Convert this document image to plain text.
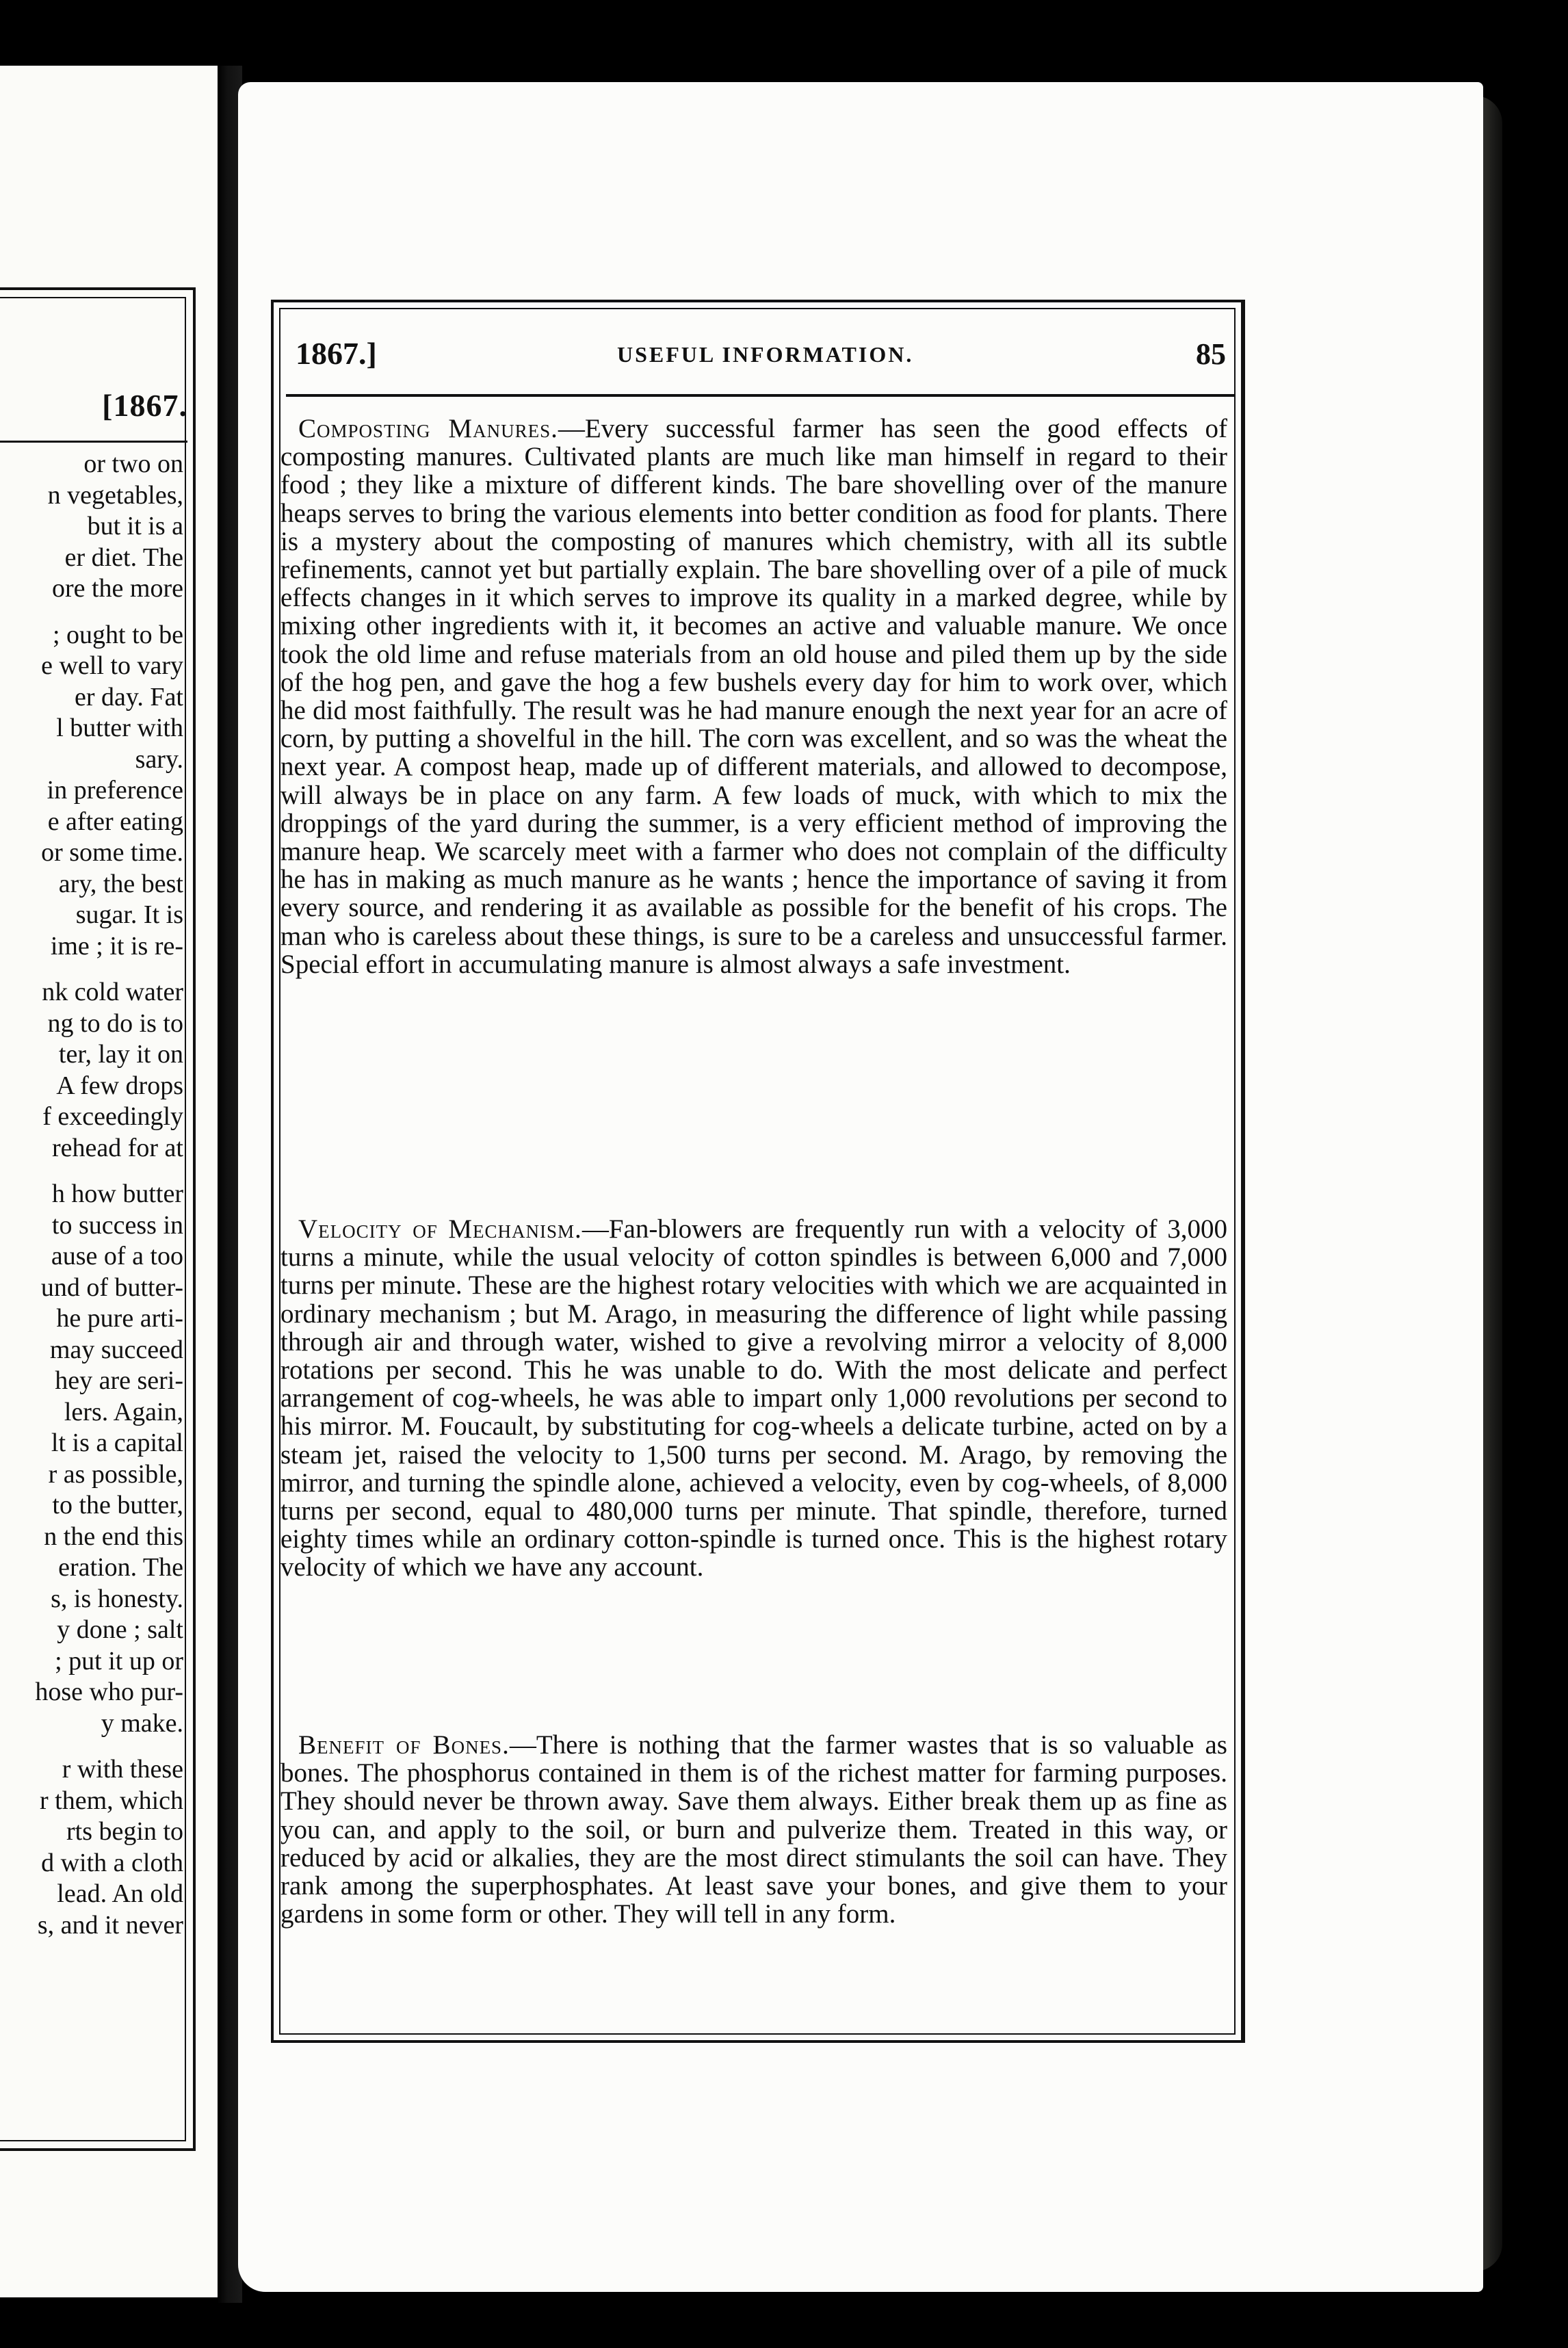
[1867.
or two on
n vegetables,
but it is a
er diet. The
ore the more
; ought to be
e well to vary
er day. Fat
l butter with
sary.
in preference
e after eating
or some time.
ary, the best
sugar. It is
ime ; it is re-
nk cold water
ng to do is to
ter, lay it on
A few drops
f exceedingly
rehead for at
h how butter
to success in
ause of a too
und of butter-
he pure arti-
may succeed
hey are seri-
lers. Again,
lt is a capital
r as possible,
to the butter,
n the end this
eration. The
s, is honesty.
y done ; salt
; put it up or
hose who pur-
y make.
r with these
r them, which
rts begin to
d with a cloth
lead. An old
s, and it never
1867.]	USEFUL INFORMATION.	85

Composting Manures.—Every successful farmer has seen the good effects of composting manures. Cultivated plants are much like man himself in regard to their food ; they like a mixture of different kinds. The bare shovelling over of the manure heaps serves to bring the various elements into better condition as food for plants. There is a mystery about the composting of manures which chemistry, with all its subtle refinements, cannot yet but partially explain. The bare shovelling over of a pile of muck effects changes in it which serves to improve its quality in a marked degree, while by mixing other ingredients with it, it becomes an active and valuable manure. We once took the old lime and refuse materials from an old house and piled them up by the side of the hog pen, and gave the hog a few bushels every day for him to work over, which he did most faithfully. The result was he had manure enough the next year for an acre of corn, by putting a shovelful in the hill. The corn was excellent, and so was the wheat the next year. A compost heap, made up of different materials, and allowed to decompose, will always be in place on any farm. A few loads of muck, with which to mix the droppings of the yard during the summer, is a very efficient method of improving the manure heap. We scarcely meet with a farmer who does not complain of the difficulty he has in making as much manure as he wants ; hence the importance of saving it from every source, and rendering it as available as possible for the benefit of his crops. The man who is careless about these things, is sure to be a careless and unsuccessful farmer. Special effort in accumulating manure is almost always a safe investment.

Velocity of Mechanism.—Fan-blowers are frequently run with a velocity of 3,000 turns a minute, while the usual velocity of cotton spindles is between 6,000 and 7,000 turns per minute. These are the highest rotary velocities with which we are acquainted in ordinary mechanism ; but M. Arago, in measuring the difference of light while passing through air and through water, wished to give a revolving mirror a velocity of 8,000 rotations per second. This he was unable to do. With the most delicate and perfect arrangement of cog-wheels, he was able to impart only 1,000 revolutions per second to his mirror. M. Foucault, by substituting for cog-wheels a delicate turbine, acted on by a steam jet, raised the velocity to 1,500 turns per second. M. Arago, by removing the mirror, and turning the spindle alone, achieved a velocity, even by cog-wheels, of 8,000 turns per second, equal to 480,000 turns per minute. That spindle, therefore, turned eighty times while an ordinary cotton-spindle is turned once. This is the highest rotary velocity of which we have any account.

Benefit of Bones.—There is nothing that the farmer wastes that is so valuable as bones. The phosphorus contained in them is of the richest matter for farming purposes. They should never be thrown away. Save them always. Either break them up as fine as you can, and apply to the soil, or burn and pulverize them. Treated in this way, or reduced by acid or alkalies, they are the most direct stimulants the soil can have. They rank among the superphosphates. At least save your bones, and give them to your gardens in some form or other. They will tell in any form.
